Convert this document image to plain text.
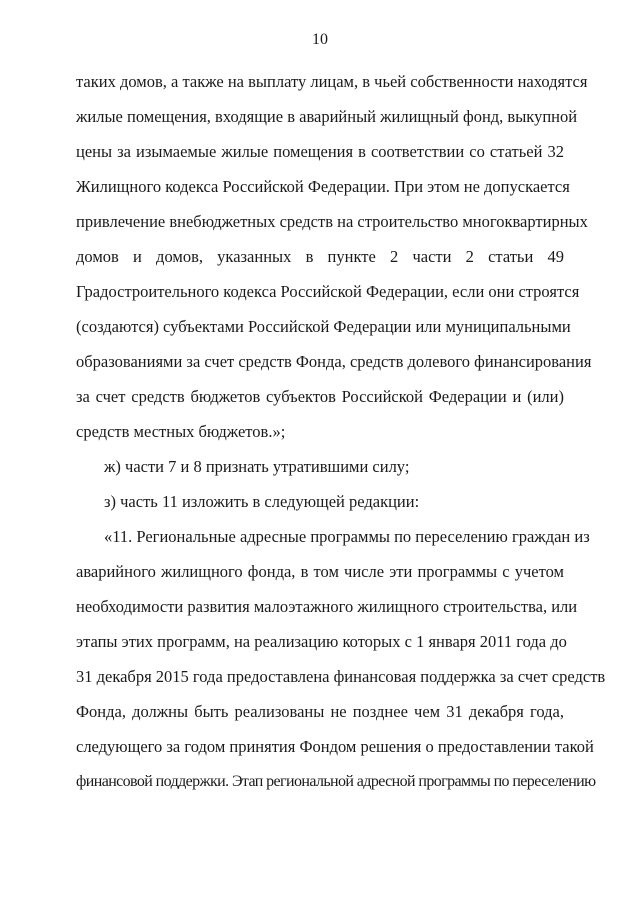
10
таких домов, а также на выплату лицам, в чьей собственности находятся
жилые помещения, входящие в аварийный жилищный фонд, выкупной
цены за изымаемые жилые помещения в соответствии со статьей 32
Жилищного кодекса Российской Федерации. При этом не допускается
привлечение внебюджетных средств на строительство многоквартирных
домов и домов, указанных в пункте 2 части 2 статьи 49
Градостроительного кодекса Российской Федерации, если они строятся
(создаются) субъектами Российской Федерации или муниципальными
образованиями за счет средств Фонда, средств долевого финансирования
за счет средств бюджетов субъектов Российской Федерации и (или)
средств местных бюджетов.»;
ж) части 7 и 8 признать утратившими силу;
з) часть 11 изложить в следующей редакции:
«11. Региональные адресные программы по переселению граждан из
аварийного жилищного фонда, в том числе эти программы с учетом
необходимости развития малоэтажного жилищного строительства, или
этапы этих программ, на реализацию которых с 1 января 2011 года до
31 декабря 2015 года предоставлена финансовая поддержка за счет средств
Фонда, должны быть реализованы не позднее чем 31 декабря года,
следующего за годом принятия Фондом решения о предоставлении такой
финансовой поддержки. Этап региональной адресной программы по переселению
